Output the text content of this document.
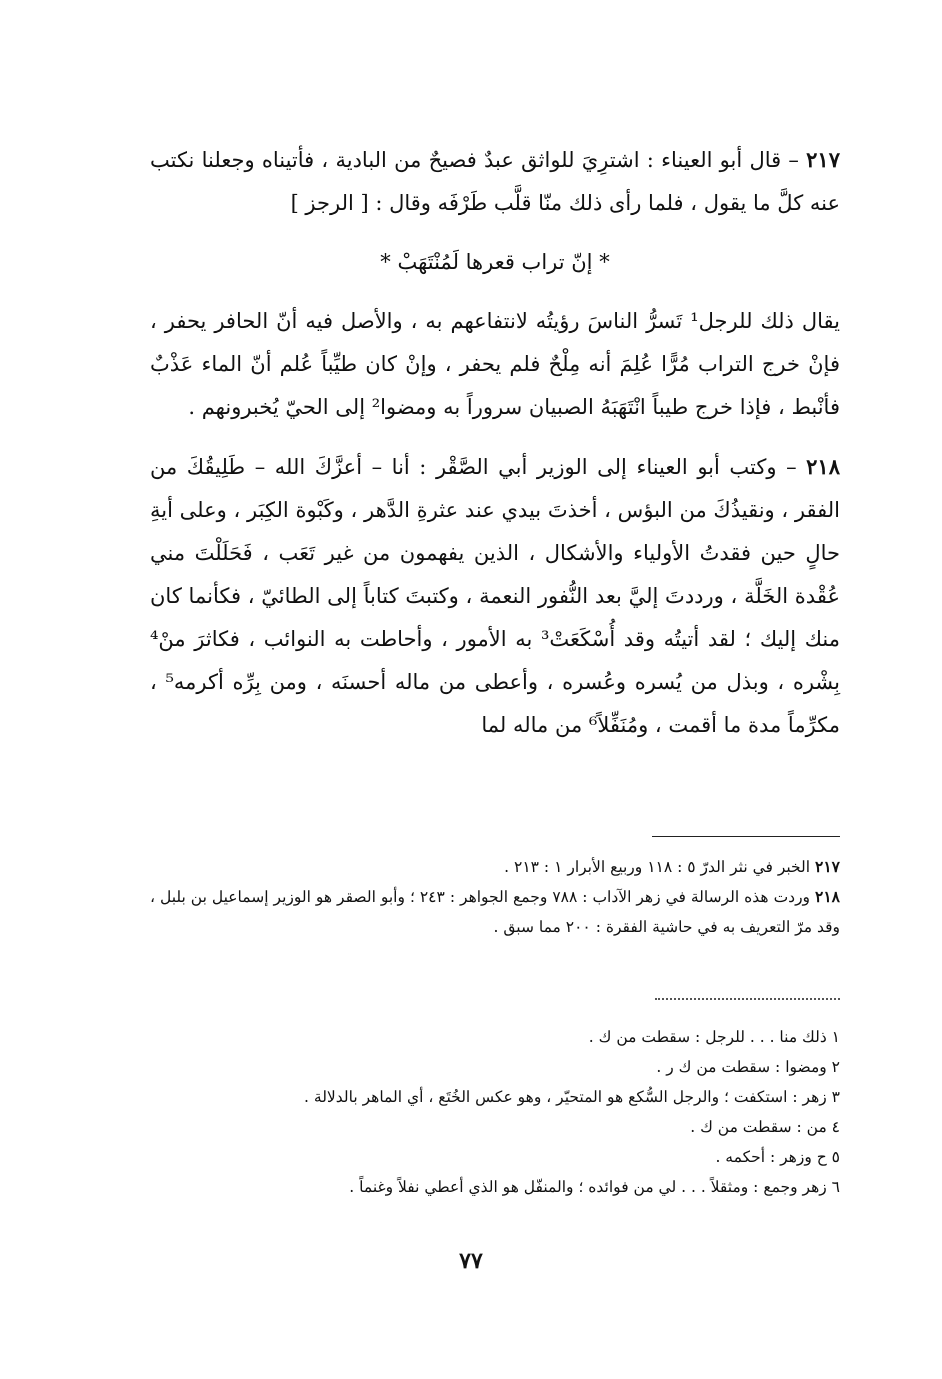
٢١٧ – قال أبو العيناء : اشترِيَ للواثق عبدٌ فصيحٌ من البادية ، فأتيناه وجعلنا نكتب عنه كلَّ ما يقول ، فلما رأى ذلك منّا قلَّب طَرْفَه وقال : [ الرجز ]

* إنّ تراب قعرها لَمُنْتَهَبْ *

يقال ذلك للرجل¹ تَسرُّ الناسَ رؤيتُه لانتفاعهم به ، والأصل فيه أنّ الحافر يحفر ، فإنْ خرج التراب مُرًّا عُلِمَ أنه مِلْحٌ فلم يحفر ، وإنْ كان طيِّباً عُلم أنّ الماء عَذْبٌ فأنْبط ، فإذا خرج طيباً انْتَهَبَهُ الصبيان سروراً به ومضوا² إلى الحيّ يُخبرونهم .

٢١٨ – وكتب أبو العيناء إلى الوزير أبي الصَّقْر : أنا – أعزَّكَ الله – طَلِيقُكَ من الفقر ، ونقيذُكَ من البؤس ، أخذتَ بيدي عند عثرةِ الدَّهر ، وكَبْوة الكِبَر ، وعلى أيةِ حالٍ حين فقدتُ الأولياء والأشكال ، الذين يفهمون من غير تَعَب ، فَحَلَلْتَ مني عُقْدة الخَلَّة ، ورددتَ إليَّ بعد النُّفور النعمة ، وكتبتَ كتاباً إلى الطائيّ ، فكأنما كان منك إليك ؛ لقد أتيتُه وقد أُسْكَعَتْ³ به الأمور ، وأحاطت به النوائب ، فكاثرَ منْ⁴ بِشْره ، وبذل من يُسره وعُسره ، وأعطى من ماله أحسنَه ، ومن بِرِّه أكرمه⁵ ، مكرِّماً مدة ما أقمت ، ومُنَفِّلاً⁶ من ماله لما

٢١٧ الخبر في نثر الدرّ ٥ : ١١٨ وربيع الأبرار ١ : ٢١٣ .

٢١٨ وردت هذه الرسالة في زهر الآداب : ٧٨٨ وجمع الجواهر : ٢٤٣ ؛ وأبو الصقر هو الوزير إسماعيل بن بلبل ، وقد مرّ التعريف به في حاشية الفقرة : ٢٠٠ مما سبق .

١ ذلك منا . . . للرجل : سقطت من ك .

٢ ومضوا : سقطت من ك ر .

٣ زهر : استكفت ؛ والرجل السُّكع هو المتحيّر ، وهو عكس الخُتَع ، أي الماهر بالدلالة .

٤ من : سقطت من ك .

٥ ح وزهر : أحكمه .

٦ زهر وجمع : ومثقلاً . . . لي من فوائده ؛ والمنفّل هو الذي أعطي نفلاً وغنماً .

٧٧
